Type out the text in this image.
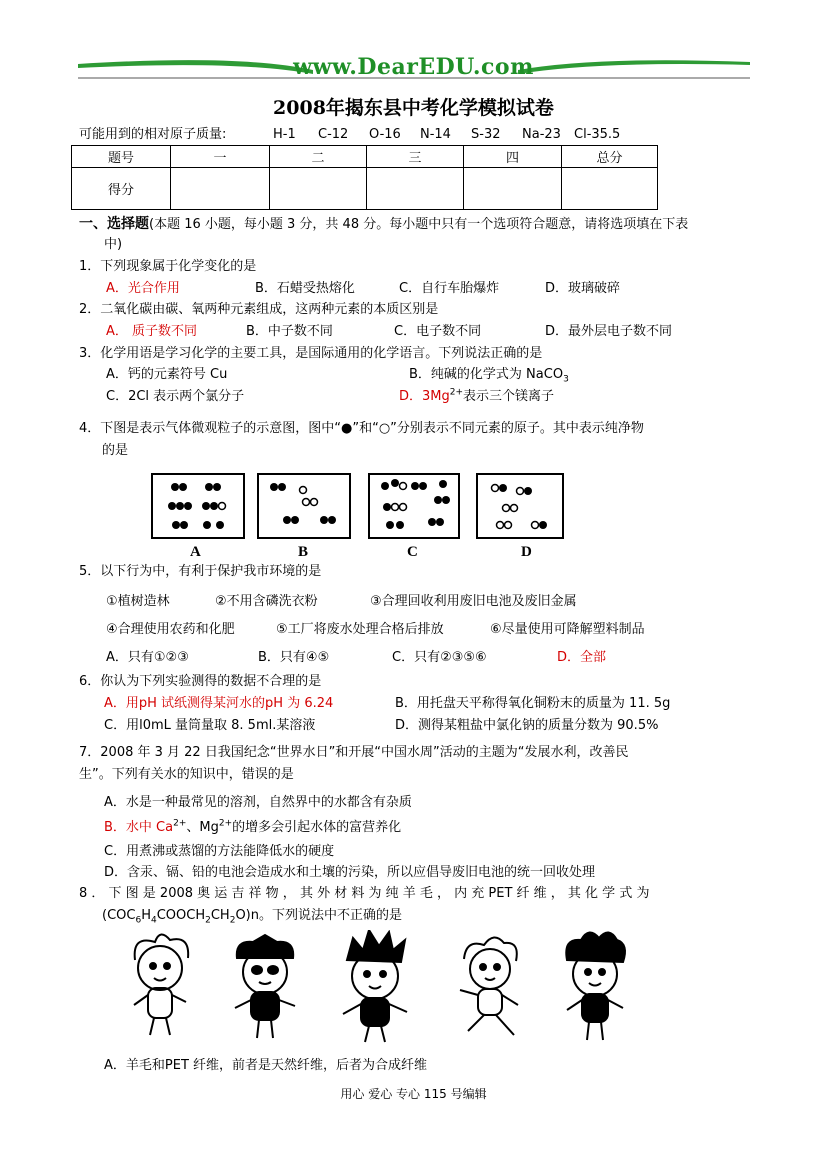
www.DearEDU.com
2008年揭东县中考化学模拟试卷
可能用到的相对原子质量:	H-1 C-12 O-16 N-14 S-32 Na-23 Cl-35.5
题号	一	二	三	四	总分
得分					
一、选择题(本题 16 小题，每小题 3 分，共 48 分。每小题中只有一个选项符合题意，请将选项填在下表
中)
1．下列现象属于化学变化的是
A．光合作用	B．石蜡受热熔化	C．自行车胎爆炸	D．玻璃破碎
2．二氧化碳由碳、氧两种元素组成，这两种元素的本质区别是
A． 质子数不同	B．中子数不同	C．电子数不同	D．最外层电子数不同
3．化学用语是学习化学的主要工具，是国际通用的化学语言。下列说法正确的是
A．钙的元素符号 Cu	B．纯碱的化学式为 NaCO$_3$
C．2Cl 表示两个氯分子	D．$3Mg^{2+}$表示三个镁离子
4．下图是表示气体微观粒子的示意图，图中“●”和“○”分别表示不同元素的原子。其中表示纯净物
的是
A	B	C	D
5．以下行为中，有利于保护我市环境的是
①植树造林	②不用含磷洗衣粉	③合理回收利用废旧电池及废旧金属
④合理使用农药和化肥	⑤工厂将废水处理合格后排放	⑥尽量使用可降解塑料制品
A．只有①②③	B．只有④⑤	C．只有②③⑤⑥	D．全部
6．你认为下列实验测得的数据不合理的是
A．用pH 试纸测得某河水的pH 为 6.24	B．用托盘天平称得氧化铜粉末的质量为 11. 5g
C．用l0mL 量筒量取 8. 5ml.某溶液	D．测得某粗盐中氯化钠的质量分数为 90.5%
7．2008 年 3 月 22 日我国纪念“世界水日”和开展“中国水周”活动的主题为“发展水利，改善民
生”。下列有关水的知识中，错误的是
A．水是一种最常见的溶剂，自然界中的水都含有杂质
B．水中 $Ca^{2+}$、$Mg^{2+}$的增多会引起水体的富营养化
C．用煮沸或蒸馏的方法能降低水的硬度
D．含汞、镉、铅的电池会造成水和土壤的污染，所以应倡导废旧电池的统一回收处理
8 ． 下 图 是 2008 奥 运 吉 祥 物 ， 其 外 材 料 为 纯 羊 毛 ， 内 充 PET 纤 维 ， 其 化 学 式 为
$(COC_6H_4COOCH_2CH_2O)n$。下列说法中不正确的是
A．羊毛和PET 纤维，前者是天然纤维，后者为合成纤维
用心 爱心 专心 115 号编辑
